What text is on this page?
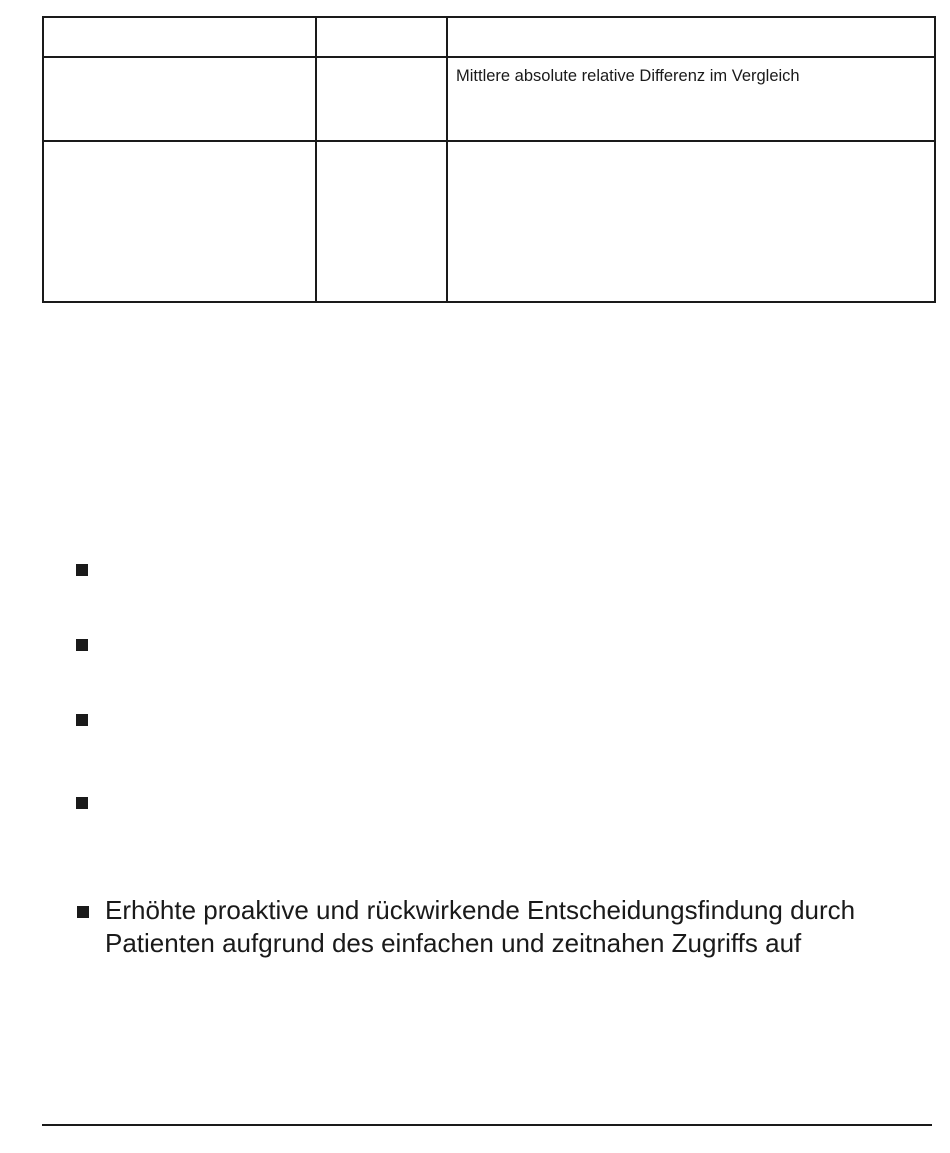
		Mittlere absolute relative Differenz im Vergleich

Erhöhte proaktive und rückwirkende Entscheidungsfindung durch Patienten aufgrund des einfachen und zeitnahen Zugriffs auf
